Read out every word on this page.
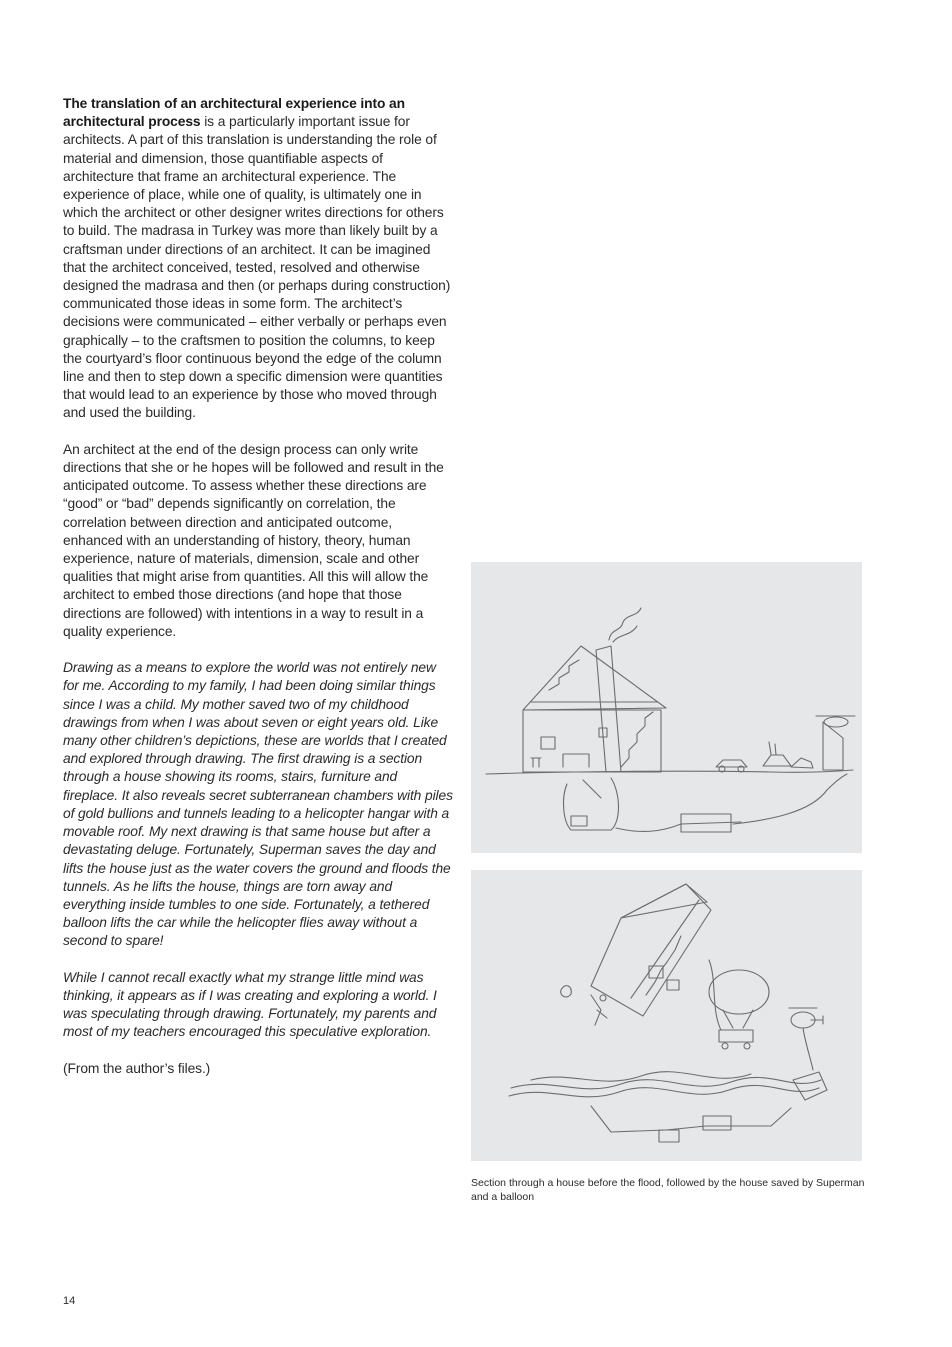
The translation of an architectural experience into an architectural process is a particularly important issue for architects. A part of this translation is understanding the role of material and dimension, those quantifiable aspects of architecture that frame an architectural experience. The experience of place, while one of quality, is ultimately one in which the architect or other designer writes directions for others to build. The madrasa in Turkey was more than likely built by a craftsman under directions of an architect. It can be imagined that the architect conceived, tested, resolved and otherwise designed the madrasa and then (or perhaps during construction) communicated those ideas in some form. The architect’s decisions were communicated – either verbally or perhaps even graphically – to the craftsmen to position the columns, to keep the courtyard’s floor continuous beyond the edge of the column line and then to step down a specific dimension were quantities that would lead to an experience by those who moved through and used the building.

An architect at the end of the design process can only write directions that she or he hopes will be followed and result in the anticipated outcome. To assess whether these directions are “good” or “bad” depends significantly on correlation, the correlation between direction and anticipated outcome, enhanced with an understanding of history, theory, human experience, nature of materials, dimension, scale and other qualities that might arise from quantities. All this will allow the architect to embed those directions (and hope that those directions are followed) with intentions in a way to result in a quality experience.

Drawing as a means to explore the world was not entirely new for me. According to my family, I had been doing similar things since I was a child. My mother saved two of my childhood drawings from when I was about seven or eight years old. Like many other children’s depictions, these are worlds that I created and explored through drawing. The first drawing is a section through a house showing its rooms, stairs, furniture and fireplace. It also reveals secret subterranean chambers with piles of gold bullions and tunnels leading to a helicopter hangar with a movable roof. My next drawing is that same house but after a devastating deluge. Fortunately, Superman saves the day and lifts the house just as the water covers the ground and floods the tunnels. As he lifts the house, things are torn away and everything inside tumbles to one side. Fortunately, a tethered balloon lifts the car while the helicopter flies away without a second to spare!

While I cannot recall exactly what my strange little mind was thinking, it appears as if I was creating and exploring a world. I was speculating through drawing. Fortunately, my parents and most of my teachers encouraged this speculative exploration.

(From the author’s files.)

Section through a house before the flood, followed by the house saved by Superman and a balloon
14
